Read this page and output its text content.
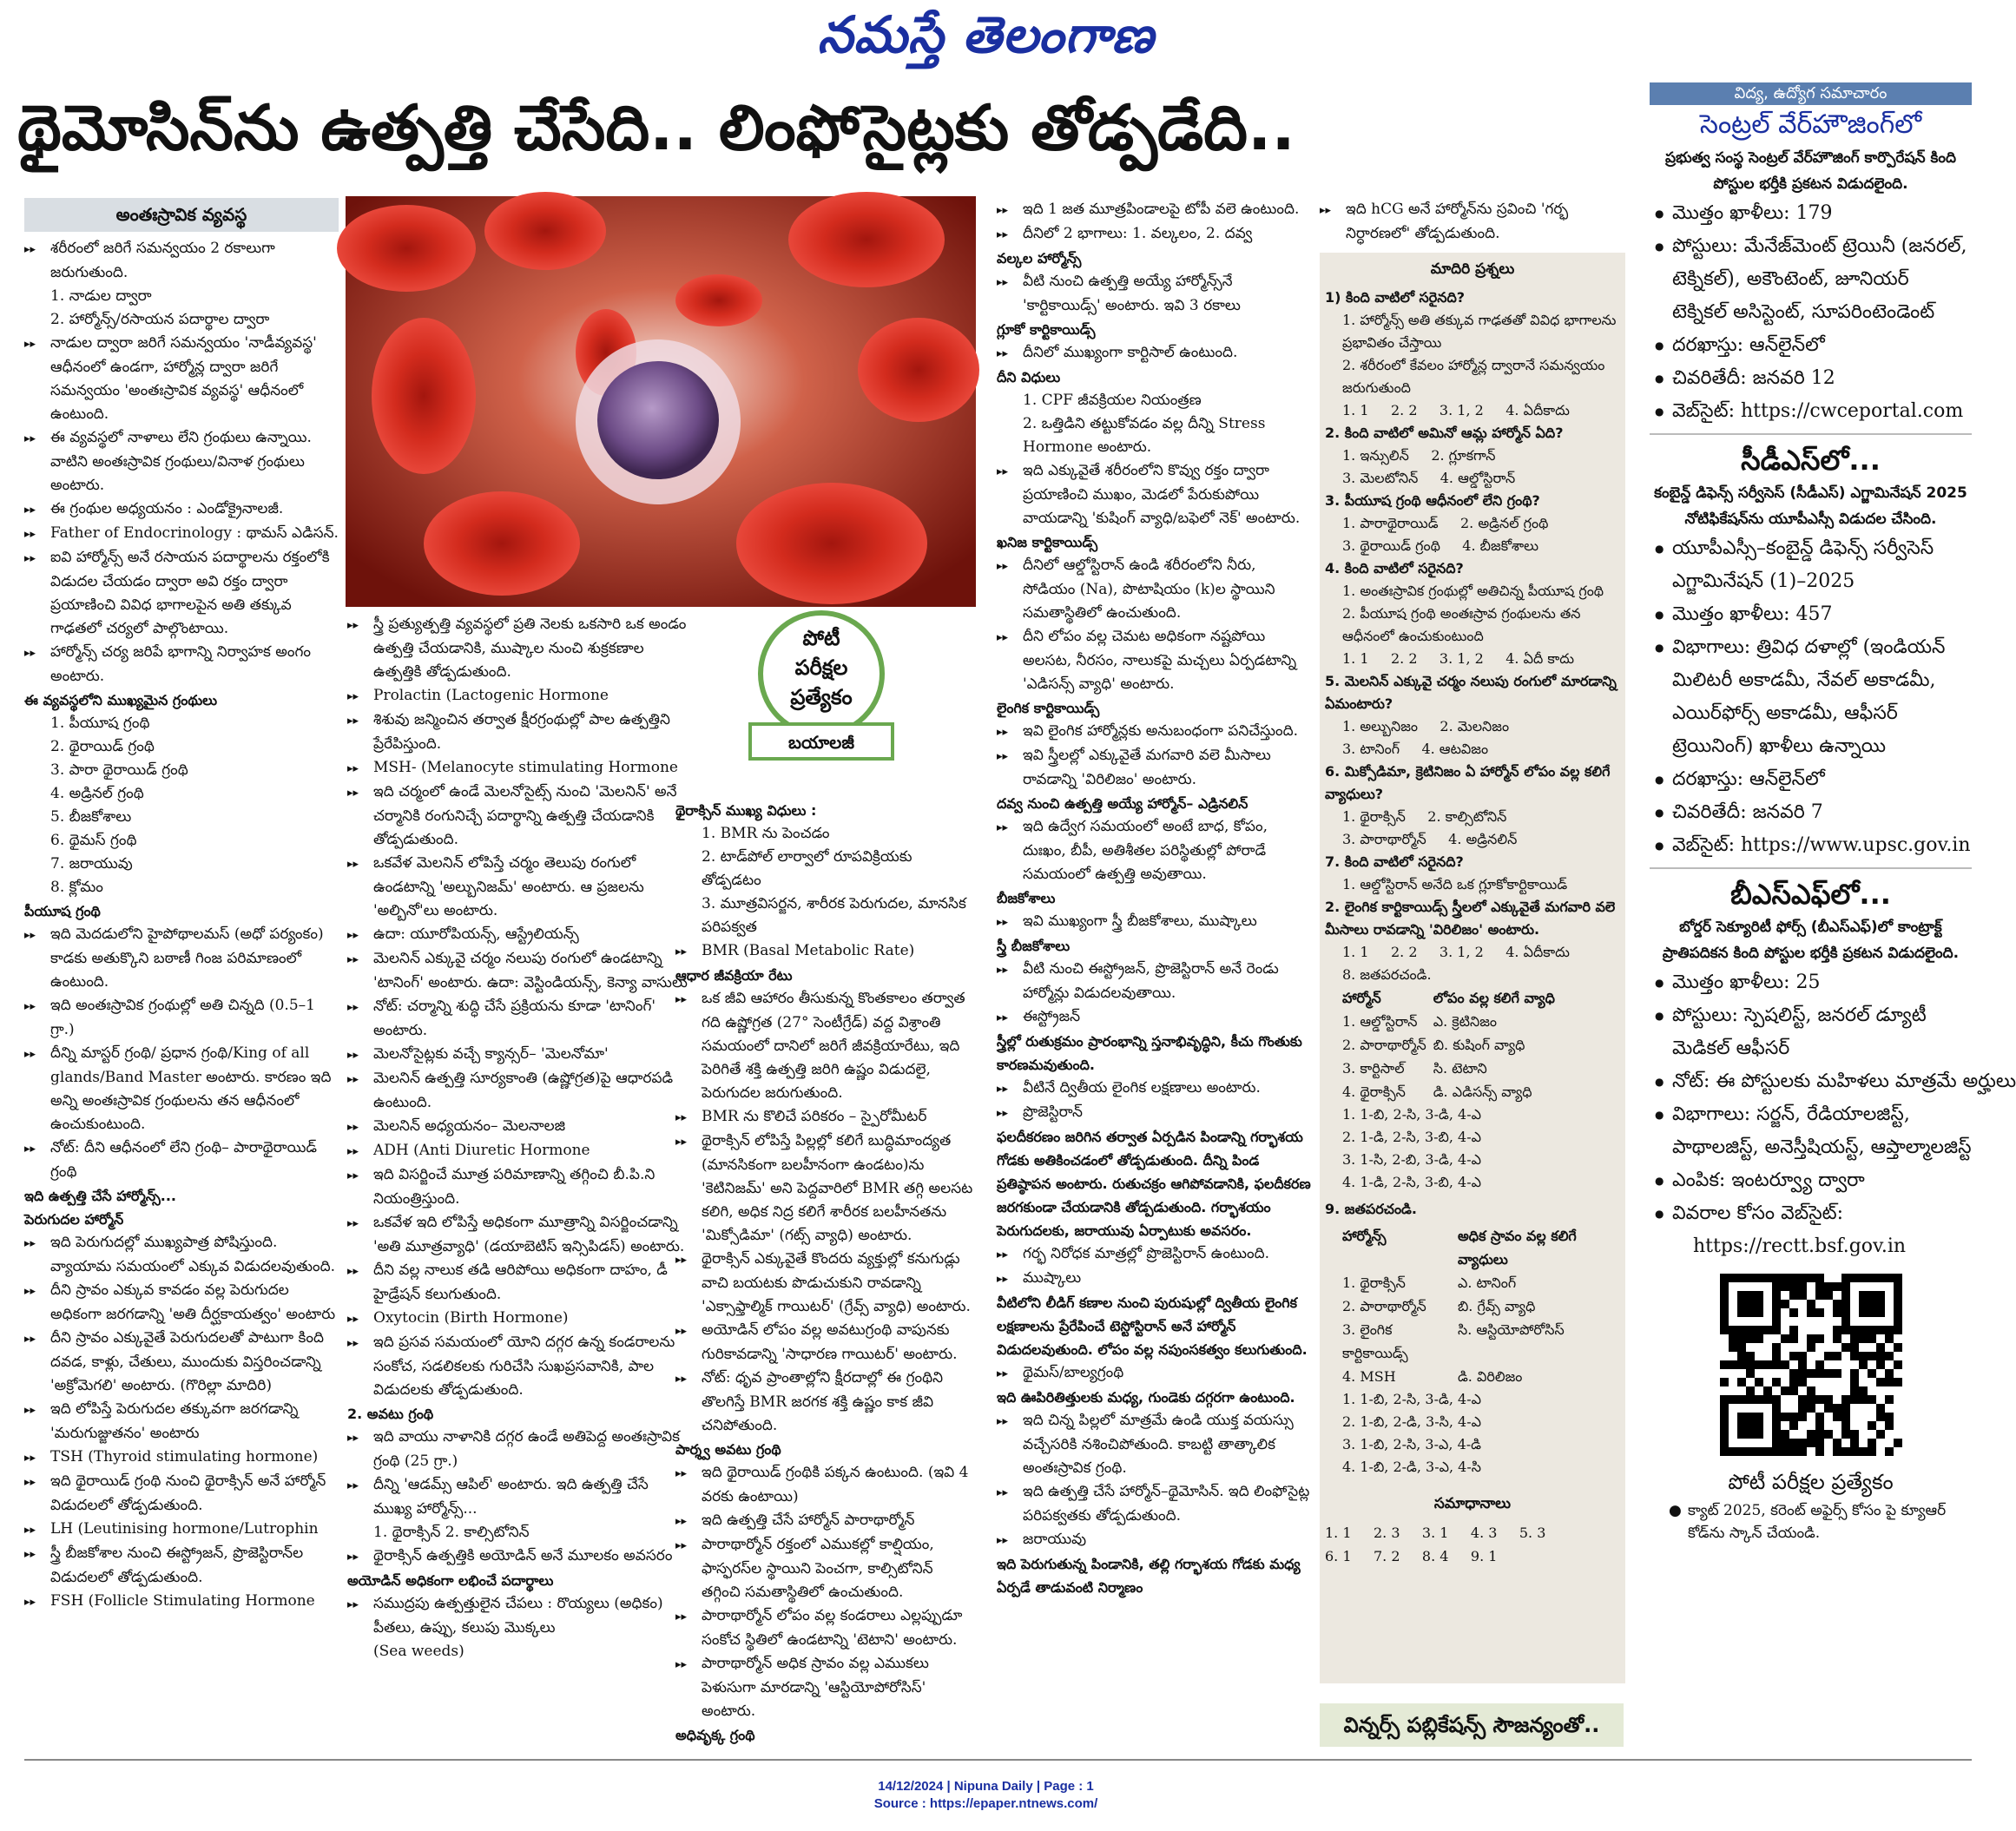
నమస్తే తెలంగాణ
థైమోసిన్‌ను ఉత్పత్తి చేసేది.. లింఫోసైట్లకు తోడ్పడేది..
అంతఃస్రావిక వ్యవస్థ

▸▸ శరీరంలో జరిగే సమన్వయం 2 రకాలుగా జరుగుతుంది.

1. నాడుల ద్వారా

2. హార్మోన్స్/రసాయన పదార్థాల ద్వారా

▸▸ నాడుల ద్వారా జరిగే సమన్వయం 'నాడీవ్యవస్థ' ఆధీనంలో ఉండగా, హార్మోన్ల ద్వారా జరిగే సమన్వయం 'అంతఃస్రావిక వ్యవస్థ' ఆధీనంలో ఉంటుంది.

▸▸ ఈ వ్యవస్థలో నాళాలు లేని గ్రంథులు ఉన్నాయి. వాటిని అంతఃస్రావిక గ్రంథులు/వినాళ గ్రంథులు అంటారు.

▸▸ ఈ గ్రంథుల అధ్యయనం : ఎండోక్రైనాలజీ.

▸▸ Father of Endocrinology : థామస్ ఎడిసన్.

▸▸ ఐవి హార్మోన్స్ అనే రసాయన పదార్థాలను రక్తంలోకి విడుదల చేయడం ద్వారా అవి రక్తం ద్వారా ప్రయాణించి వివిధ భాగాలపైన అతి తక్కువ గాఢతలో చర్యలో పాల్గొంటాయి.

▸▸ హార్మోన్స్ చర్య జరిపే భాగాన్ని నిర్వాహక అంగం అంటారు.

ఈ వ్యవస్థలోని ముఖ్యమైన గ్రంథులు

1. పీయూష గ్రంథి

2. థైరాయిడ్ గ్రంథి

3. పారా థైరాయిడ్ గ్రంథి

4. అడ్రినల్ గ్రంథి

5. బీజకోశాలు

6. థైమస్ గ్రంథి

7. జరాయువు

8. క్లోమం

పీయూష గ్రంథి

▸▸ ఇది మెదడులోని హైపోథాలమస్ (అధో పర్యంకం) కాడకు అతుక్కొని బఠాణీ గింజ పరిమాణంలో ఉంటుంది.

▸▸ ఇది అంతఃస్రావిక గ్రంథుల్లో అతి చిన్నది (0.5–1 గ్రా.)

▸▸ దీన్ని మాస్టర్ గ్రంథి/ ప్రధాన గ్రంథి/King of all glands/Band Master అంటారు. కారణం ఇది అన్ని అంతఃస్రావిక గ్రంథులను తన ఆధీనంలో ఉంచుకుంటుంది.

▸▸ నోట్: దీని ఆధీనంలో లేని గ్రంథి– పారాథైరాయిడ్ గ్రంథి

ఇది ఉత్పత్తి చేసే హార్మోన్స్...

పెరుగుదల హార్మోన్

▸▸ ఇది పెరుగుదల్లో ముఖ్యపాత్ర పోషిస్తుంది. వ్యాయామ సమయంలో ఎక్కువ విడుదలవుతుంది.

▸▸ దీని స్రావం ఎక్కువ కావడం వల్ల పెరుగుదల అధికంగా జరగడాన్ని 'అతి దీర్ఘకాయత్వం' అంటారు

▸▸ దీని స్రావం ఎక్కువైతే పెరుగుదలతో పాటుగా కింది దవడ, కాళ్లు, చేతులు, ముందుకు విస్తరించడాన్ని 'అక్రోమెగలి' అంటారు. (గొరిల్లా మాదిరి)

▸▸ ఇది లోపిస్తే పెరుగుదల తక్కువగా జరగడాన్ని 'మరుగుజ్జుతనం' అంటారు

▸▸ TSH (Thyroid stimulating hormone)

▸▸ ఇది థైరాయిడ్ గ్రంథి నుంచి థైరాక్సిన్ అనే హార్మోన్ విడుదలలో తోడ్పడుతుంది.

▸▸ LH (Leutinising hormone/Lutrophin

▸▸ స్త్రీ బీజకోశాల నుంచి ఈస్ట్రోజన్, ప్రొజెస్టిరాన్‌ల విడుదలలో తోడ్పడుతుంది.

▸▸ FSH (Follicle Stimulating Hormone

పోటీ
పరీక్షల
ప్రత్యేకం
బయాలజీ

▸▸ స్త్రీ ప్రత్యుత్పత్తి వ్యవస్థలో ప్రతి నెలకు ఒకసారి ఒక అండం ఉత్పత్తి చేయడానికి, ముష్కాల నుంచి శుక్రకణాల ఉత్పత్తికి తోడ్పడుతుంది.

▸▸ Prolactin (Lactogenic Hormone

▸▸ శిశువు జన్మించిన తర్వాత క్షీరగ్రంథుల్లో పాల ఉత్పత్తిని ప్రేరేపిస్తుంది.

▸▸ MSH- (Melanocyte stimulating Hormone

▸▸ ఇది చర్మంలో ఉండే మెలనోసైట్స్ నుంచి 'మెలనిన్' అనే చర్మానికి రంగునిచ్చే పదార్థాన్ని ఉత్పత్తి చేయడానికి తోడ్పడుతుంది.

▸▸ ఒకవేళ మెలనిన్ లోపిస్తే చర్మం తెలుపు రంగులో ఉండటాన్ని 'అల్బునిజమ్' అంటారు. ఆ ప్రజలను 'అల్బినో'లు అంటారు.

▸▸ ఉదా: యూరోపియన్స్, ఆస్ట్రేలియన్స్

▸▸ మెలనిన్ ఎక్కువై చర్మం నలుపు రంగులో ఉండటాన్ని 'టానింగ్' అంటారు. ఉదా: వెస్టిండియన్స్, కెన్యా వాసులు

▸▸ నోట్: చర్మాన్ని శుద్ధి చేసే ప్రక్రియను కూడా 'టానింగ్' అంటారు.

▸▸ మెలనోసైట్లకు వచ్చే క్యాన్సర్– 'మెలనోమా'

▸▸ మెలనిన్ ఉత్పత్తి సూర్యకాంతి (ఉష్ణోగ్రత)పై ఆధారపడి ఉంటుంది.

▸▸ మెలనిన్ అధ్యయనం– మెలనాలజి

▸▸ ADH (Anti Diuretic Hormone

▸▸ ఇది విసర్జించే మూత్ర పరిమాణాన్ని తగ్గించి బీ.పి.ని నియంత్రిస్తుంది.

▸▸ ఒకవేళ ఇది లోపిస్తే అధికంగా మూత్రాన్ని విసర్జించడాన్ని 'అతి మూత్రవ్యాధి' (డయాబెటిస్ ఇన్సిపిడస్) అంటారు.

▸▸ దీని వల్ల నాలుక తడి ఆరిపోయి అధికంగా దాహం, డీ హైడ్రేషన్ కలుగుతుంది.

▸▸ Oxytocin (Birth Hormone)

▸▸ ఇది ప్రసవ సమయంలో యోని దగ్గర ఉన్న కండరాలను సంకోచ, సడలికలకు గురిచేసి సుఖప్రసవానికి, పాల విడుదలకు తోడ్పడుతుంది.

2. అవటు గ్రంథి

▸▸ ఇది వాయు నాళానికి దగ్గర ఉండే అతిపెద్ద అంతఃస్రావిక గ్రంథి (25 గ్రా.)

▸▸ దీన్ని 'ఆడమ్స్ ఆపిల్' అంటారు. ఇది ఉత్పత్తి చేసే ముఖ్య హార్మోన్స్...

1. థైరాక్సిన్ 2. కాల్సిటోనిన్

▸▸ థైరాక్సిన్ ఉత్పత్తికి అయోడిన్ అనే మూలకం అవసరం

అయోడిన్ అధికంగా లభించే పదార్థాలు

▸▸ సముద్రపు ఉత్పత్తులైన చేపలు : రొయ్యలు (అధికం) పీతలు, ఉప్పు, కలుపు మొక్కలు

(Sea weeds)

థైరాక్సిన్ ముఖ్య విధులు :

1. BMR ను పెంచడం

2. టాడ్‌పోల్ లార్వాలో రూపవిక్రియకు తోడ్పడటం

3. మూత్రవిసర్జన, శారీరక పెరుగుదల, మానసిక పరిపక్వత

▸▸ BMR (Basal Metabolic Rate)

ఆధార జీవక్రియా రేటు

▸▸ ఒక జీవి ఆహారం తీసుకున్న కొంతకాలం తర్వాత గది ఉష్ణోగ్రత (27° సెంటీగ్రేడ్) వద్ద విశ్రాంతి సమయంలో దానిలో జరిగే జీవక్రియారేటు, ఇది పెరిగితే శక్తి ఉత్పత్తి జరిగి ఉష్ణం విడుదలై, పెరుగుదల జరుగుతుంది.

▸▸ BMR ను కొలిచే పరికరం – స్పైరోమీటర్

▸▸ థైరాక్సిన్ లోపిస్తే పిల్లల్లో కలిగే బుద్ధిమాంద్యత (మానసికంగా బలహీనంగా ఉండటం)ను 'కెటినిజమ్' అని పెద్దవారిలో BMR తగ్గి అలసట కలిగి, అధిక నిద్ర కలిగే శారీరక బలహీనతను 'మిక్సోడిమా' (గట్స్ వ్యాధి) అంటారు.

▸▸ థైరాక్సిన్ ఎక్కువైతే కొందరు వ్యక్తుల్లో కనుగుడ్లు వాచి బయటకు పొడుచుకుని రావడాన్ని 'ఎక్సాఫ్తాల్మిక్ గాయిటర్' (గ్రేవ్స్ వ్యాధి) అంటారు.

▸▸ అయోడిన్ లోపం వల్ల అవటుగ్రంథి వాపునకు గురికావడాన్ని 'సాధారణ గాయిటర్' అంటారు.

▸▸ నోట్: ధృవ ప్రాంతాల్లోని క్షీరదాల్లో ఈ గ్రంథిని తొలగిస్తే BMR జరగక శక్తి ఉష్ణం కాక జీవి చనిపోతుంది.

పార్శ్వ అవటు గ్రంథి

▸▸ ఇది థైరాయిడ్ గ్రంథికి పక్కన ఉంటుంది. (ఇవి 4 వరకు ఉంటాయి)

▸▸ ఇది ఉత్పత్తి చేసే హార్మోన్ పారాథార్మోన్

▸▸ పారాథార్మోన్ రక్తంలో ఎముకల్లో కాల్షియం, ఫాస్ఫరస్‌ల స్థాయిని పెంచగా, కాల్సిటోనిన్ తగ్గించి సమతాస్థితిలో ఉంచుతుంది.

▸▸ పారాథార్మోన్ లోపం వల్ల కండరాలు ఎల్లప్పుడూ సంకోచ స్థితిలో ఉండటాన్ని 'టెటాని' అంటారు.

▸▸ పారాథార్మోన్ అధిక స్రావం వల్ల ఎముకలు పెళుసుగా మారడాన్ని 'ఆస్టియోపోరోసిస్' అంటారు.

అధివృక్క గ్రంథి

▸▸ ఇది 1 జత మూత్రపిండాలపై టోపీ వలె ఉంటుంది.

▸▸ దీనిలో 2 భాగాలు: 1. వల్కలం, 2. దవ్వ

వల్కల హార్మోన్స్

▸▸ వీటి నుంచి ఉత్పత్తి అయ్యే హార్మోన్స్‌నే 'కార్టికాయిడ్స్' అంటారు. ఇవి 3 రకాలు

గ్లూకో కార్టికాయిడ్స్

▸▸ దీనిలో ముఖ్యంగా కార్టిసాల్ ఉంటుంది.

దీని విధులు

1. CPF జీవక్రియల నియంత్రణ

2. ఒత్తిడిని తట్టుకోవడం వల్ల దీన్ని Stress Hormone అంటారు.

▸▸ ఇది ఎక్కువైతే శరీరంలోని కొవ్వు రక్తం ద్వారా ప్రయాణించి ముఖం, మెడలో పేరుకుపోయి వాయడాన్ని 'కుషింగ్ వ్యాధి/బఫెలో నెక్' అంటారు.

ఖనిజ కార్టికాయిడ్స్

▸▸ దీనిలో ఆల్డోస్టిరాన్ ఉండి శరీరంలోని నీరు, సోడియం (Na), పొటాషియం (k)ల స్థాయిని సమతాస్థితిలో ఉంచుతుంది.

▸▸ దీని లోపం వల్ల చెమట అధికంగా నష్టపోయి అలసట, నీరసం, నాలుకపై మచ్చలు ఏర్పడటాన్ని 'ఎడిసన్స్ వ్యాధి' అంటారు.

లైంగిక కార్టికాయిడ్స్

▸▸ ఇవి లైంగిక హార్మోన్లకు అనుబంధంగా పనిచేస్తుంది.

▸▸ ఇవి స్త్రీలల్లో ఎక్కువైతే మగవారి వలె మీసాలు రావడాన్ని 'విరిలిజం' అంటారు.

దవ్వ నుంచి ఉత్పత్తి అయ్యే హార్మోన్– ఎడ్రినలిన్

▸▸ ఇది ఉద్వేగ సమయంలో అంటే బాధ, కోపం, దుఃఖం, బీపీ, అతిశీతల పరిస్థితుల్లో పోరాడే సమయంలో ఉత్పత్తి అవుతాయి.

బీజకోశాలు

▸▸ ఇవి ముఖ్యంగా స్త్రీ బీజకోశాలు, ముష్కాలు

స్త్రీ బీజకోశాలు

▸▸ వీటి నుంచి ఈస్ట్రోజన్, ప్రొజెస్టిరాన్ అనే రెండు హార్మోన్లు విడుదలవుతాయి.

▸▸ ఈస్ట్రోజన్

స్త్రీల్లో రుతుక్రమం ప్రారంభాన్ని స్తనాభివృద్ధిని, కీచు గొంతుకు కారణమవుతుంది.

▸▸ వీటినే ద్వితీయ లైంగిక లక్షణాలు అంటారు.

▸▸ ప్రొజెస్టిరాన్

ఫలదీకరణం జరిగిన తర్వాత ఏర్పడిన పిండాన్ని గర్భాశయ గోడకు అతికించడంలో తోడ్పడుతుంది. దీన్ని పిండ ప్రతిష్ఠాపన అంటారు. రుతుచక్రం ఆగిపోవడానికి, ఫలదీకరణ జరగకుండా చేయడానికి తోడ్పడుతుంది. గర్భాశయం పెరుగుదలకు, జరాయువు ఏర్పాటుకు అవసరం.

▸▸ గర్భ నిరోధక మాత్రల్లో ప్రొజెస్టిరాన్ ఉంటుంది.

▸▸ ముష్కాలు

వీటిలోని లీడిగ్ కణాల నుంచి పురుషుల్లో ద్వితీయ లైంగిక లక్షణాలను ప్రేరేపించే టెస్టోస్టిరాన్ అనే హార్మోన్ విడుదలవుతుంది. లోపం వల్ల నపుంసకత్వం కలుగుతుంది.

▸▸ థైమస్/బాల్యగ్రంథి

ఇది ఊపిరితిత్తులకు మధ్య, గుండెకు దగ్గరగా ఉంటుంది.

▸▸ ఇది చిన్న పిల్లలో మాత్రమే ఉండి యుక్త వయస్సు వచ్చేసరికి నశించిపోతుంది. కాబట్టి తాత్కాలిక అంతఃస్రావిక గ్రంథి.

▸▸ ఇది ఉత్పత్తి చేసే హార్మోన్–థైమోసిన్. ఇది లింఫోసైట్ల పరిపక్వతకు తోడ్పడుతుంది.

▸▸ జరాయువు

ఇది పెరుగుతున్న పిండానికి, తల్లి గర్భాశయ గోడకు మధ్య ఏర్పడే తాడువంటి నిర్మాణం

▸▸ ఇది hCG అనే హార్మోన్‌ను స్రవించి 'గర్భ నిర్ధారణలో' తోడ్పడుతుంది.

మాదిరి ప్రశ్నలు

1) కింది వాటిలో సరైనది?

1. హార్మోన్స్ అతి తక్కువ గాఢతతో వివిధ భాగాలను ప్రభావితం చేస్తాయి

2. శరీరంలో కేవలం హార్మోన్ల ద్వారానే సమన్వయం జరుగుతుంది

1. 1     2. 2     3. 1, 2     4. ఏదీకాదు

2. కింది వాటిలో అమినో ఆమ్ల హార్మోన్ ఏది?

1. ఇన్సులిన్     2. గ్లూకగాన్

3. మెలటోనిన్     4. ఆల్డోస్టిరాన్

3. పీయూష గ్రంథి ఆధీనంలో లేని గ్రంథి?

1. పారాథైరాయిడ్     2. అడ్రినల్ గ్రంథి

3. థైరాయిడ్ గ్రంథి     4. బీజకోశాలు

4. కింది వాటిలో సరైనది?

1. అంతఃస్రావిక గ్రంథుల్లో అతిచిన్న పీయూష గ్రంథి

2. పీయూష గ్రంథి అంతఃస్రావ గ్రంథులను తన ఆధీనంలో ఉంచుకుంటుంది

1. 1     2. 2     3. 1, 2     4. ఏదీ కాదు

5. మెలనిన్ ఎక్కువై చర్మం నలుపు రంగులో మారడాన్ని ఏమంటారు?

1. అల్బునిజం     2. మెలనిజం

3. టానింగ్     4. ఆటవిజం

6. మిక్సోడిమా, క్రెటినిజం ఏ హార్మోన్ లోపం వల్ల కలిగే వ్యాధులు?

1. థైరాక్సిన్     2. కాల్సిటోనిన్

3. పారాథార్మోన్     4. అడ్రినలిన్

7. కింది వాటిలో సరైనది?

1. ఆల్డోస్టిరాన్ అనేది ఒక గ్లూకోకార్టికాయిడ్

2. లైంగిక కార్టికాయిడ్స్ స్త్రీలలో ఎక్కువైతే మగవారి వలె మీసాలు రావడాన్ని 'విరిలిజం' అంటారు.

1. 1     2. 2     3. 1, 2     4. ఏదీకాదు

8. జతపరచండి.

హార్మోన్	లోపం వల్ల కలిగే వ్యాధి
1. ఆల్డోస్టిరాన్	ఎ. క్రెటినిజం
2. పారాథార్మోన్	బి. కుషింగ్ వ్యాధి
3. కార్టిసాల్	సి. టెటాని
4. థైరాక్సిన్	డి. ఎడిసన్స్ వ్యాధి
1. 1-బి, 2-సి, 3-డి, 4-ఎ
2. 1-డి, 2-సి, 3-బి, 4-ఎ
3. 1-సి, 2-బి, 3-డి, 4-ఎ
4. 1-డి, 2-సి, 3-బి, 4-ఎ

9. జతపరచండి.

హార్మోన్స్	అధిక స్రావం వల్ల కలిగే వ్యాధులు
1. థైరాక్సిన్	ఎ. టానింగ్
2. పారాథార్మోన్	బి. గ్రేవ్స్ వ్యాధి
3. లైంగిక కార్టికాయిడ్స్	సి. ఆస్టియోపోరోసిస్
4. MSH	డి. విరిలిజం
1. 1-బి, 2-సి, 3-డి, 4-ఎ
2. 1-బి, 2-డి, 3-సి, 4-ఎ
3. 1-బి, 2-సి, 3-ఎ, 4-డి
4. 1-బి, 2-డి, 3-ఎ, 4-సి
సమాధానాలు
1. 1     2. 3     3. 1     4. 3     5. 3
6. 1     7. 2     8. 4     9. 1
విన్నర్స్ పబ్లికేషన్స్ సౌజన్యంతో..
విద్య, ఉద్యోగ సమాచారం
సెంట్రల్ వేర్‌హౌజింగ్‌లో
ప్రభుత్వ సంస్థ సెంట్రల్ వేర్‌హౌజింగ్ కార్పొరేషన్ కింది పోస్టుల భర్తీకి ప్రకటన విడుదలైంది.
● మొత్తం ఖాళీలు: 179
● పోస్టులు: మేనేజ్‌మెంట్ ట్రెయినీ (జనరల్,
టెక్నికల్), అకౌంటెంట్, జూనియర్
టెక్నికల్ అసిస్టెంట్, సూపరింటెండెంట్
● దరఖాస్తు: ఆన్‌లైన్‌లో
● చివరితేదీ: జనవరి 12
● వెబ్‌సైట్: https://cwceportal.com
సీడీఎస్‌లో...
కంబైన్డ్ డిఫెన్స్ సర్వీసెస్ (సీడీఎస్) ఎగ్జామినేషన్ 2025 నోటిఫికేషన్‌ను యూపీఎస్సీ విడుదల చేసింది.
● యూపీఎస్సీ–కంబైన్డ్ డిఫెన్స్ సర్వీసెస్
ఎగ్జామినేషన్ (1)–2025
● మొత్తం ఖాళీలు: 457
● విభాగాలు: త్రివిధ దళాల్లో (ఇండియన్
మిలిటరీ అకాడమీ, నేవల్ అకాడమీ,
ఎయిర్‌ఫోర్స్ అకాడమీ, ఆఫీసర్
ట్రెయినింగ్) ఖాళీలు ఉన్నాయి
● దరఖాస్తు: ఆన్‌లైన్‌లో
● చివరితేదీ: జనవరి 7
● వెబ్‌సైట్: https://www.upsc.gov.in
బీఎస్ఎఫ్‌లో...
బోర్డర్ సెక్యూరిటీ ఫోర్స్ (బీఎస్ఎఫ్)లో కాంట్రాక్ట్ ప్రాతిపదికన కింది పోస్టుల భర్తీకి ప్రకటన విడుదలైంది.
● మొత్తం ఖాళీలు: 25
● పోస్టులు: స్పెషలిస్ట్, జనరల్ డ్యూటీ
మెడికల్ ఆఫీసర్
● నోట్: ఈ పోస్టులకు మహిళలు మాత్రమే అర్హులు
● విభాగాలు: సర్జన్, రేడియాలజిస్ట్,
పాథాలజిస్ట్, అనెస్తీషియస్ట్, ఆప్తాల్మాలజిస్ట్
● ఎంపిక: ఇంటర్వ్యూ ద్వారా
● వివరాల కోసం వెబ్‌సైట్:
https://rectt.bsf.gov.in
పోటీ పరీక్షల ప్రత్యేకం
● క్యాట్ 2025, కరెంట్ అఫైర్స్ కోసం పై క్యూఆర్ కోడ్‌ను స్కాన్ చేయండి.
14/12/2024 | Nipuna Daily | Page : 1
Source : https://epaper.ntnews.com/
